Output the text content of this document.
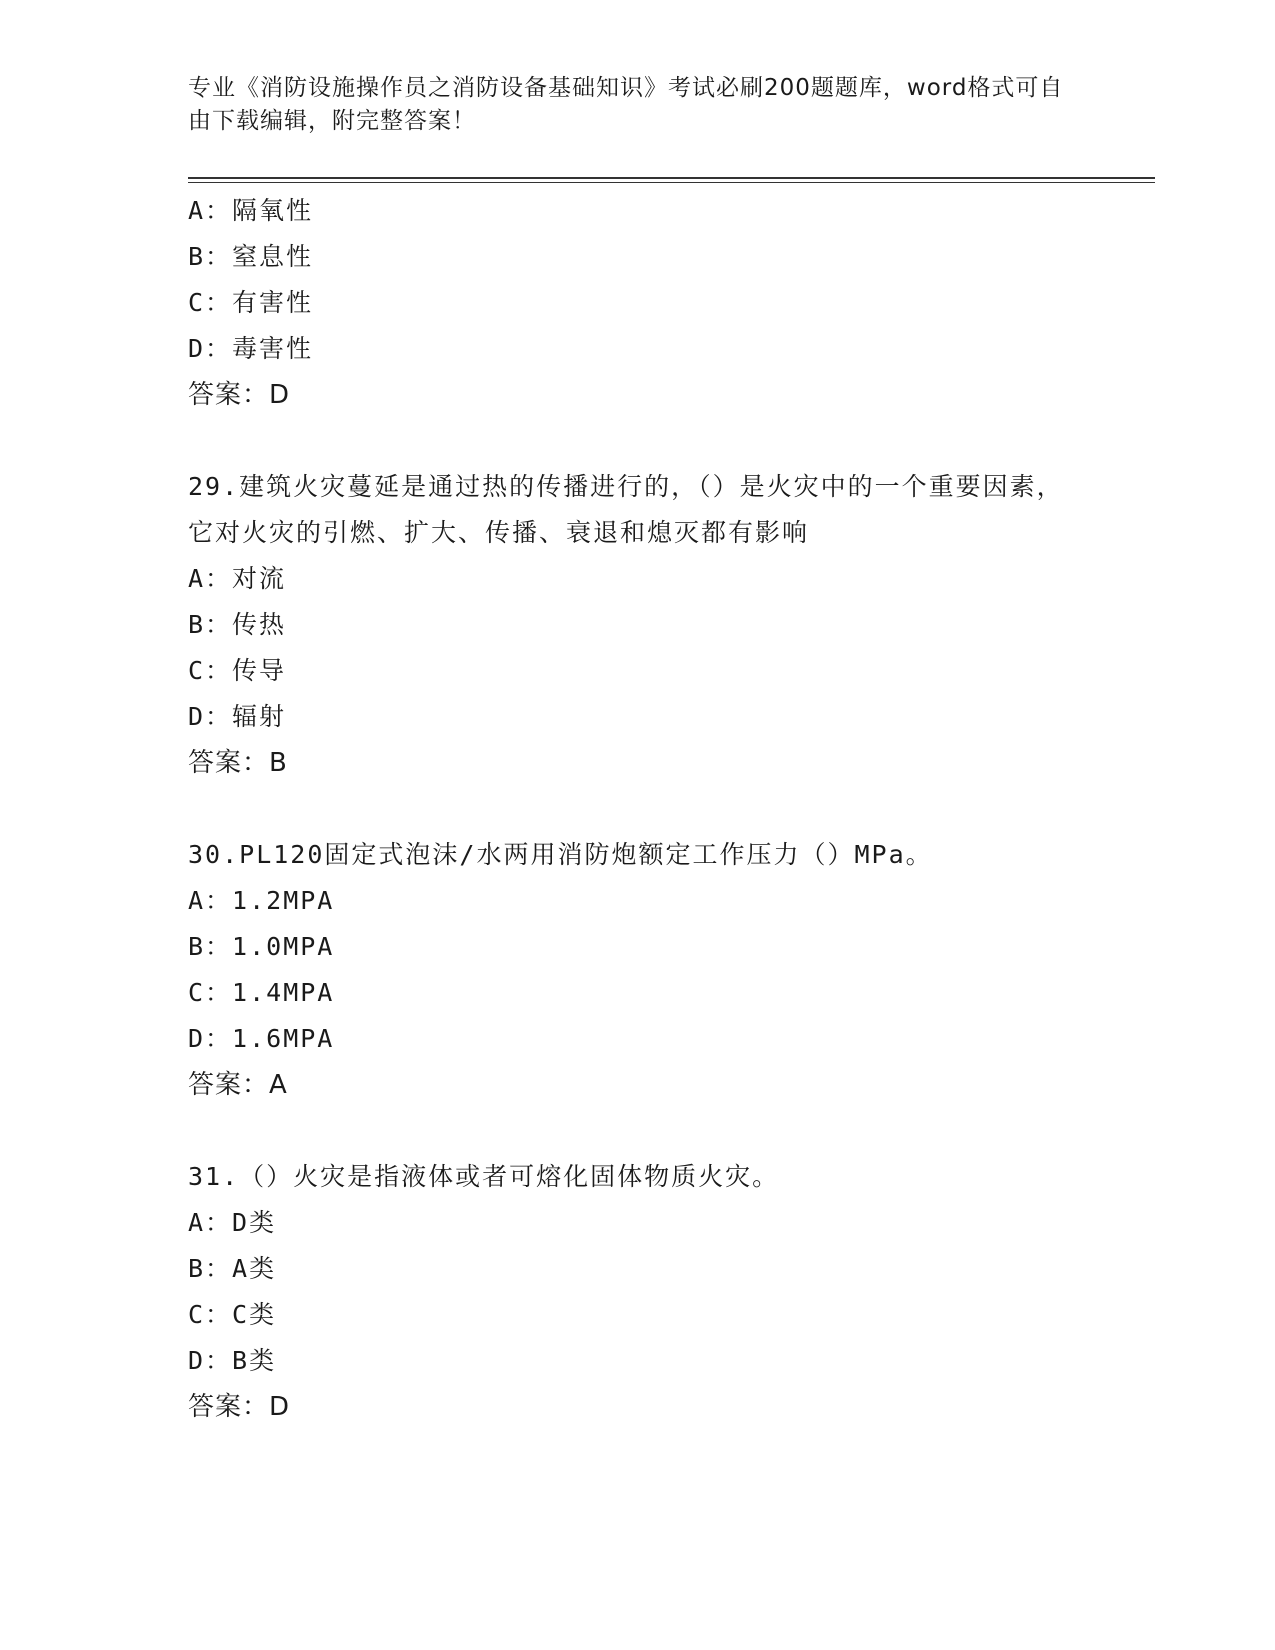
专业《消防设施操作员之消防设备基础知识》考试必刷200题题库，word格式可自由下载编辑，附完整答案！
A：隔氧性
B：窒息性
C：有害性
D：毒害性
答案：D
29.建筑火灾蔓延是通过热的传播进行的，（）是火灾中的一个重要因素，它对火灾的引燃、扩大、传播、衰退和熄灭都有影响
A：对流
B：传热
C：传导
D：辐射
答案：B
30.PL120固定式泡沫/水两用消防炮额定工作压力（）MPa。
A：1.2MPA
B：1.0MPA
C：1.4MPA
D：1.6MPA
答案：A
31.（）火灾是指液体或者可熔化固体物质火灾。
A：D类
B：A类
C：C类
D：B类
答案：D
